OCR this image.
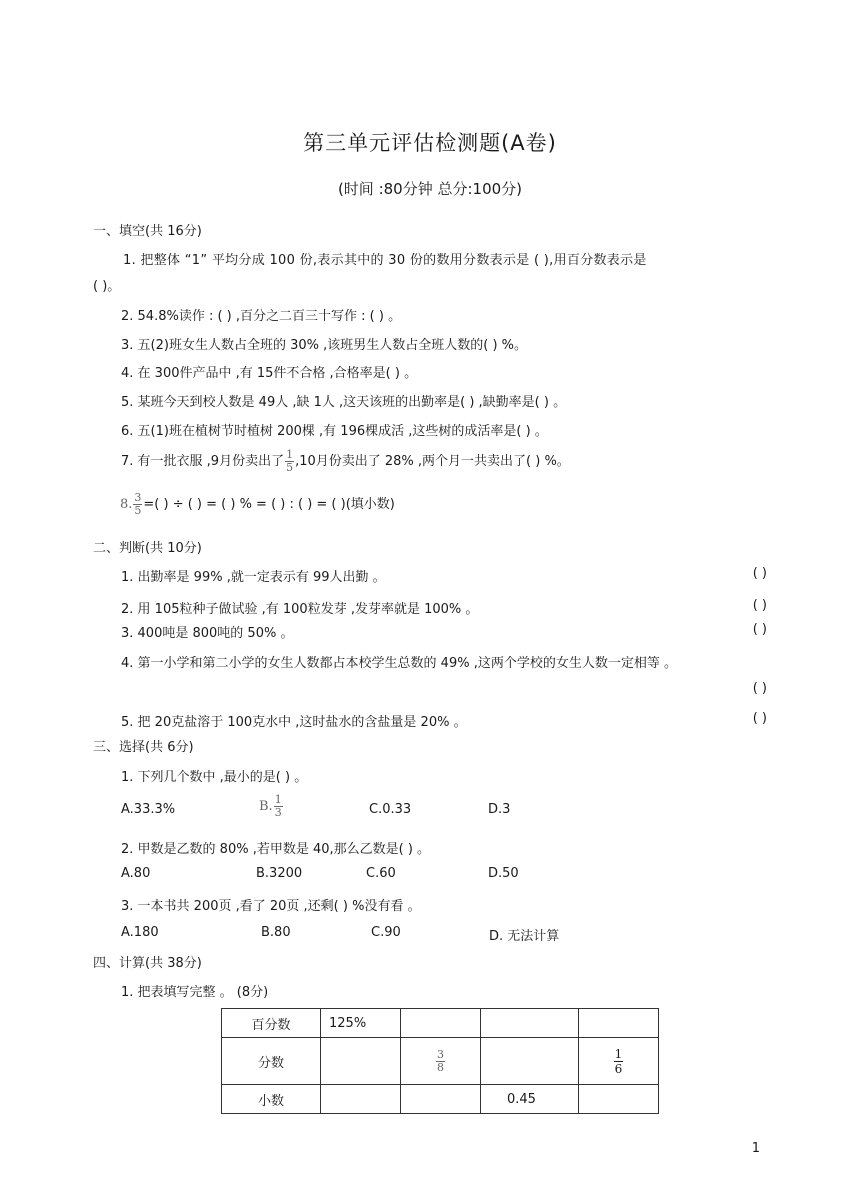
第三单元评估检测题(A卷)
(时间 :80分钟 总分:100分)
一、填空(共 16分)
1. 把整体 “1” 平均分成 100 份,表示其中的 30 份的数用分数表示是 ( ),用百分数表示是
( )。
2. 54.8%读作 : ( ) ,百分之二百三十写作 : ( ) 。
3. 五(2)班女生人数占全班的 30% ,该班男生人数占全班人数的( ) %。
4. 在 300件产品中 ,有 15件不合格 ,合格率是( ) 。
5. 某班今天到校人数是 49人 ,缺 1人 ,这天该班的出勤率是( ) ,缺勤率是( ) 。
6. 五(1)班在植树节时植树 200棵 ,有 196棵成活 ,这些树的成活率是( ) 。
7. 有一批衣服 ,9月份卖出了 $\frac{1}{5} ,10$月份卖出了 28% ,两个月一共卖出了( ) %。
8. $\frac{3}{5}$ =( ) ÷ ( ) = ( ) % = ( ) : ( ) = ( )(填小数)
二、判断(共 10分)
1. 出勤率是 99% ,就一定表示有 99人出勤 。	( )
2. 用 105粒种子做试验 ,有 100粒发芽 ,发芽率就是 100% 。	( )
3. 400吨是 800吨的 50% 。	( )
4. 第一小学和第二小学的女生人数都占本校学生总数的 49% ,这两个学校的女生人数一定相等 。
( )
5. 把 20克盐溶于 100克水中 ,这时盐水的含盐量是 20% 。	( )
三、选择(共 6分)
1. 下列几个数中 ,最小的是( ) 。
A.33.3%	B. $\frac{1}{3}$	C.0.33	D.3
2. 甲数是乙数的 80% ,若甲数是 40,那么乙数是( ) 。
A.80	B.3200	C.60	D.50
3. 一本书共 200页 ,看了 20页 ,还剩( ) %没有看 。
A.180	B.80	C.90	D. 无法计算
四、计算(共 38分)
1. 把表填写完整 。 (8分)
百分数	125%			
分数		$\frac{3}{8}$		$\frac{1}{6}$

小数			0.45	
1
